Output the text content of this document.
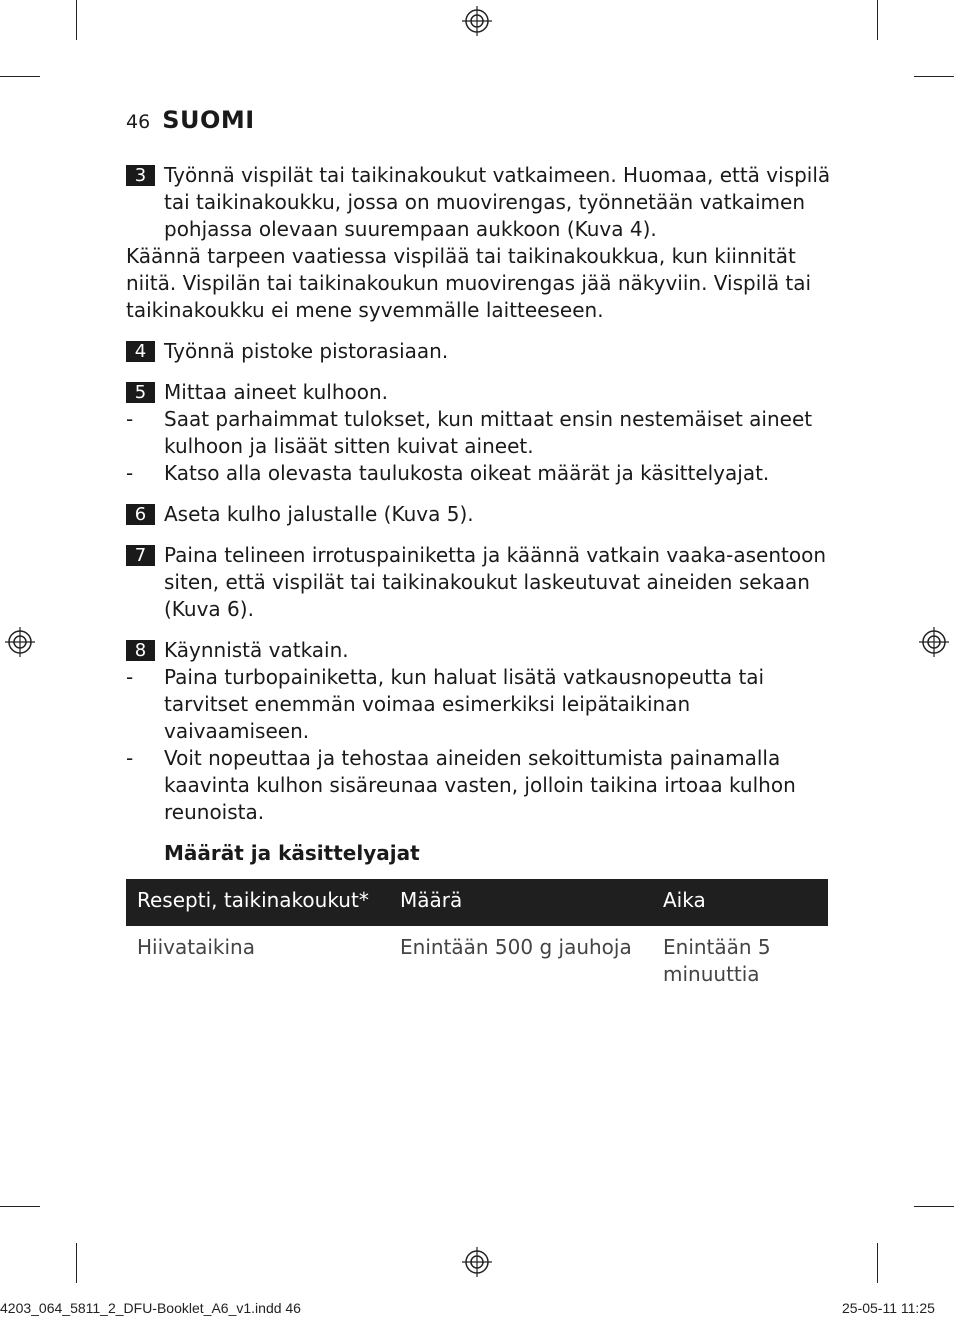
46 SUOMI
3 Työnnä vispilät tai taikinakoukut vatkaimeen. Huomaa, että vispilä tai taikinakoukku, jossa on muovirengas, työnnetään vatkaimen pohjassa olevaan suurempaan aukkoon (Kuva 4).

Käännä tarpeen vaatiessa vispilää tai taikinakoukkua, kun kiinnität niitä. Vispilän tai taikinakoukun muovirengas jää näkyviin. Vispilä tai taikinakoukku ei mene syvemmälle laitteeseen.

4 Työnnä pistoke pistorasiaan.
5 Mittaa aineet kulhoon.
-	Saat parhaimmat tulokset, kun mittaat ensin nestemäiset aineet kulhoon ja lisäät sitten kuivat aineet.
-	Katso alla olevasta taulukosta oikeat määrät ja käsittelyajat.
6 Aseta kulho jalustalle (Kuva 5).
7 Paina telineen irrotuspainiketta ja käännä vatkain vaaka-asentoon siten, että vispilät tai taikinakoukut laskeutuvat aineiden sekaan (Kuva 6).
8 Käynnistä vatkain.
-	Paina turbopainiketta, kun haluat lisätä vatkausnopeutta tai tarvitset enemmän voimaa esimerkiksi leipätaikinan vaivaamiseen.
-	Voit nopeuttaa ja tehostaa aineiden sekoittumista painamalla kaavinta kulhon sisäreunaa vasten, jolloin taikina irtoaa kulhon reunoista.
Määrät ja käsittelyajat
Resepti, taikinakoukut*	Määrä	Aika
Hiivataikina	Enintään 500 g jauhoja	Enintään 5 minuuttia
4203_064_5811_2_DFU-Booklet_A6_v1.indd 46	25-05-11 11:25
